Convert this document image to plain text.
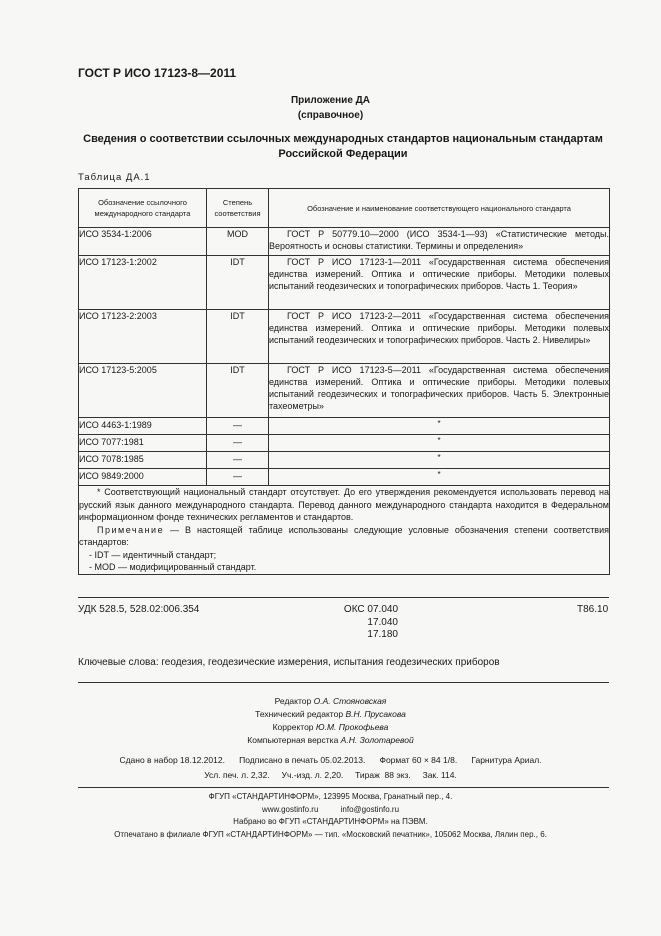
ГОСТ Р ИСО 17123-8—2011
Приложение ДА
(справочное)
Сведения о соответствии ссылочных международных стандартов национальным стандартам Российской Федерации
Таблица ДА.1
Обозначение ссылочного международного стандарта	Степень соответствия	Обозначение и наименование соответствующего национального стандарта
ИСО 3534-1:2006	MOD	ГОСТ Р 50779.10—2000 (ИСО 3534-1—93) «Статистические методы. Вероятность и основы статистики. Термины и определения»

ИСО 17123-1:2002	IDT	ГОСТ Р ИСО 17123-1—2011 «Государственная система обеспечения единства измерений. Оптика и оптические приборы. Методики полевых испытаний геодезических и топографических приборов. Часть 1. Теория»

ИСО 17123-2:2003	IDT	ГОСТ Р ИСО 17123-2—2011 «Государственная система обеспечения единства измерений. Оптика и оптические приборы. Методики полевых испытаний геодезических и топографических приборов. Часть 2. Нивелиры»

ИСО 17123-5:2005	IDT	ГОСТ Р ИСО 17123-5—2011 «Государственная система обеспечения единства измерений. Оптика и оптические приборы. Методики полевых испытаний геодезических и топографических приборов. Часть 5. Электронные тахеометры»

ИСО 4463-1:1989	—	*
ИСО 7077:1981	—	*
ИСО 7078:1985	—	*
ИСО 9849:2000	—	*

* Соответствующий национальный стандарт отсутствует. До его утверждения рекомендуется использовать перевод на русский язык данного международного стандарта. Перевод данного международного стандарта находится в Федеральном информационном фонде технических регламентов и стандартов.

Примечание — В настоящей таблице использованы следующие условные обозначения степени соответствия стандартов:

- IDT — идентичный стандарт;

- MOD — модифицированный стандарт.		

УДК 528.5, 528.02:006.354	ОКС 07.040
17.040
17.180
Т86.10
Ключевые слова: геодезия, геодезические измерения, испытания геодезических приборов
Редактор О.А. Стояновская
Технический редактор В.Н. Прусакова
Корректор Ю.М. Прокофьева
Компьютерная верстка А.Н. Золотаревой
Сдано в набор 18.12.2012.      Подписано в печать 05.02.2013.      Формат 60 × 84 1/8.      Гарнитура Ариал.
Усл. печ. л. 2,32.     Уч.-изд. л. 2,20.     Тираж  88 экз.     Зак. 114.
ФГУП «СТАНДАРТИНФОРМ», 123995 Москва, Гранатный пер., 4.
www.gostinfo.ru          info@gostinfo.ru
Набрано во ФГУП «СТАНДАРТИНФОРМ» на ПЭВМ.
Отпечатано в филиале ФГУП «СТАНДАРТИНФОРМ» — тип. «Московский печатник», 105062 Москва, Лялин пер., 6.
